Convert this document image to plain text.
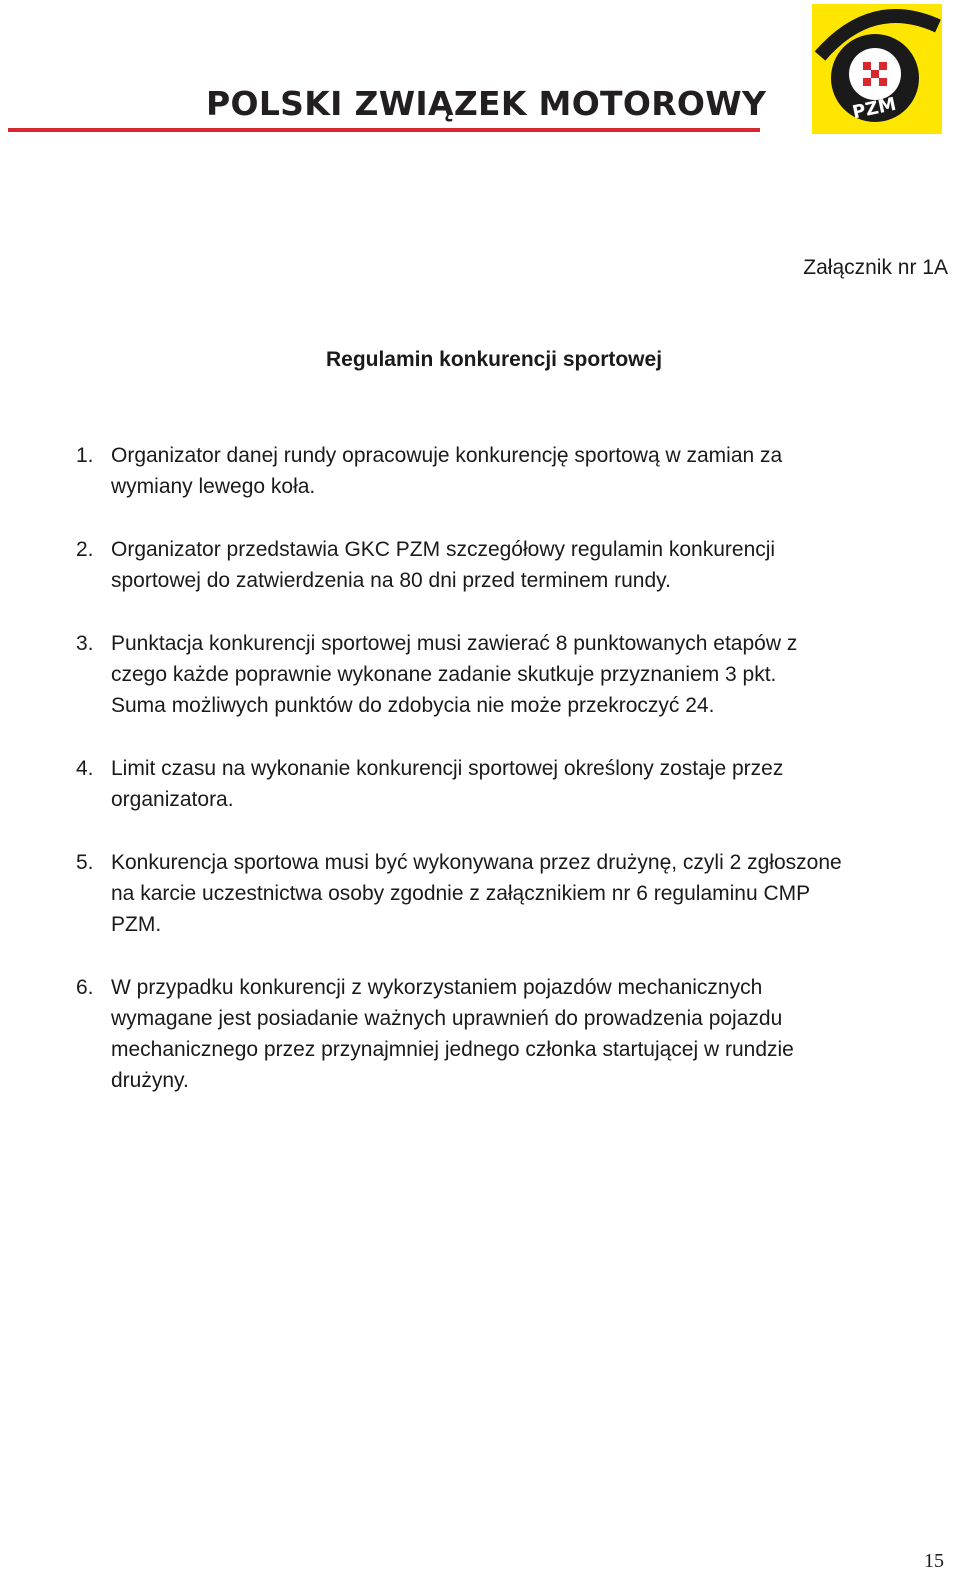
POLSKI ZWIĄZEK MOTOROWY	PZM
Załącznik nr 1A
Regulamin konkurencji sportowej
1. Organizator danej rundy opracowuje konkurencję sportową w zamian za
wymiany lewego koła.
2. Organizator przedstawia GKC PZM szczegółowy regulamin konkurencji
sportowej do zatwierdzenia na 80 dni przed terminem rundy.
3. Punktacja konkurencji sportowej musi zawierać 8 punktowanych etapów z
czego każde poprawnie wykonane zadanie skutkuje przyznaniem 3 pkt.
Suma możliwych punktów do zdobycia nie może przekroczyć 24.
4. Limit czasu na wykonanie konkurencji sportowej określony zostaje przez
organizatora.
5. Konkurencja sportowa musi być wykonywana przez drużynę, czyli 2 zgłoszone
na karcie uczestnictwa osoby zgodnie z załącznikiem nr 6 regulaminu CMP
PZM.
6. W przypadku konkurencji z wykorzystaniem pojazdów mechanicznych
wymagane jest posiadanie ważnych uprawnień do prowadzenia pojazdu
mechanicznego przez przynajmniej jednego członka startującej w rundzie
drużyny.
15
